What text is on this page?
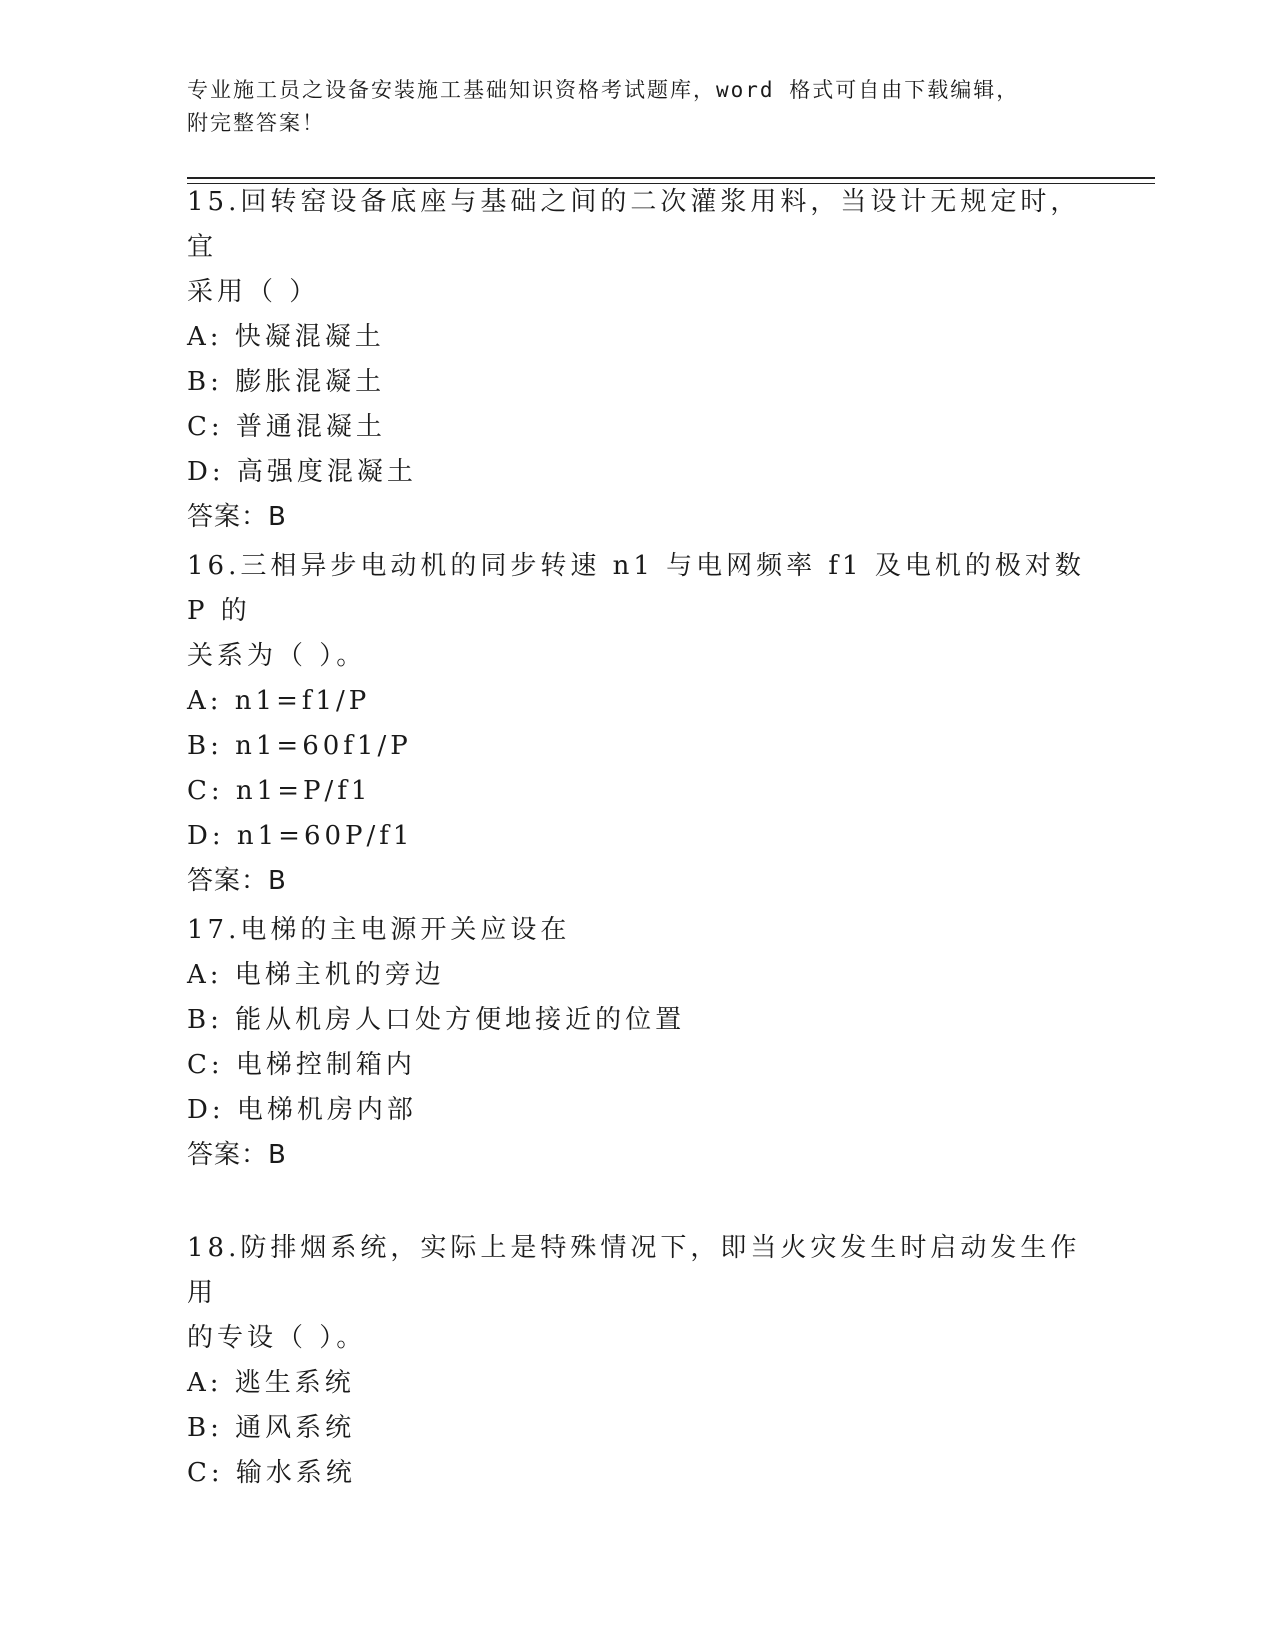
专业施工员之设备安装施工基础知识资格考试题库，word 格式可自由下载编辑，
附完整答案！
15.回转窑设备底座与基础之间的二次灌浆用料，当设计无规定时，宜
采用（ ）
A: 快凝混凝土
B: 膨胀混凝土
C: 普通混凝土
D: 高强度混凝土
答案：B
16.三相异步电动机的同步转速 n1 与电网频率 f1 及电机的极对数 P 的
关系为（ ）。
A: n1=f1/P
B: n1=60f1/P
C: n1=P/f1
D: n1=60P/f1
答案：B
17.电梯的主电源开关应设在
A: 电梯主机的旁边
B: 能从机房人口处方便地接近的位置
C: 电梯控制箱内
D: 电梯机房内部
答案：B
18.防排烟系统，实际上是特殊情况下，即当火灾发生时启动发生作用
的专设（ ）。
A: 逃生系统
B: 通风系统
C: 输水系统
